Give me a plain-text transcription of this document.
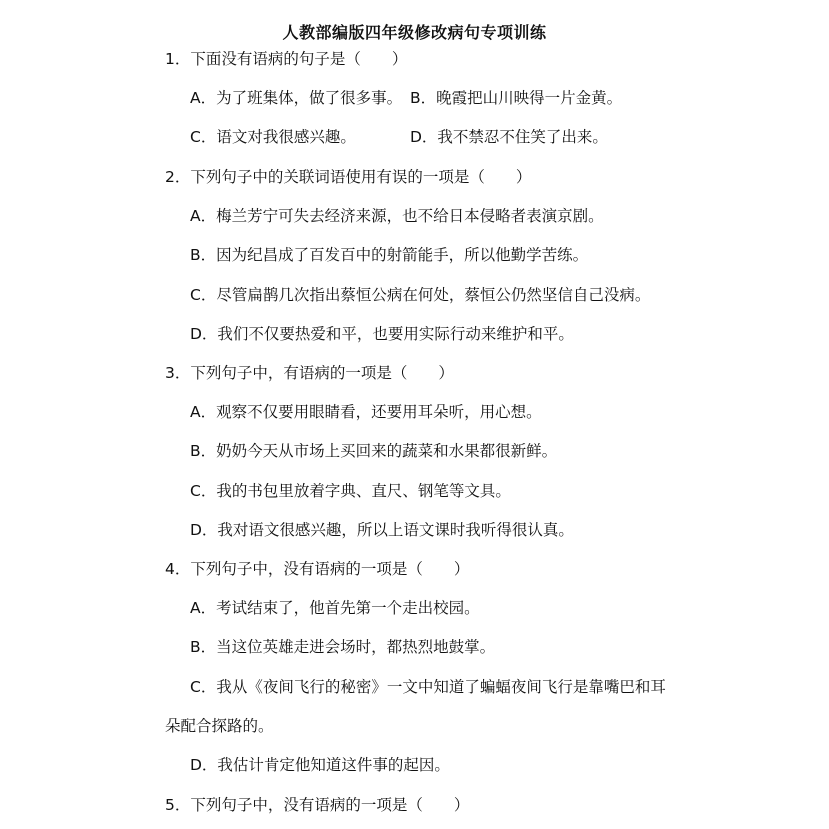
人教部编版四年级修改病句专项训练
1．下面没有语病的句子是（　　）
A．为了班集体，做了很多事。 B．晚霞把山川映得一片金黄。
C．语文对我很感兴趣。	D．我不禁忍不住笑了出来。
2．下列句子中的关联词语使用有误的一项是（　　）
A．梅兰芳宁可失去经济来源，也不给日本侵略者表演京剧。
B．因为纪昌成了百发百中的射箭能手，所以他勤学苦练。
C．尽管扁鹊几次指出蔡恒公病在何处，蔡恒公仍然坚信自己没病。
D．我们不仅要热爱和平，也要用实际行动来维护和平。
3．下列句子中，有语病的一项是（　　）
A．观察不仅要用眼睛看，还要用耳朵听，用心想。
B．奶奶今天从市场上买回来的蔬菜和水果都很新鲜。
C．我的书包里放着字典、直尺、钢笔等文具。
D．我对语文很感兴趣，所以上语文课时我听得很认真。
4．下列句子中，没有语病的一项是（　　）
A．考试结束了，他首先第一个走出校园。
B．当这位英雄走进会场时，都热烈地鼓掌。
C．我从《夜间飞行的秘密》一文中知道了蝙蝠夜间飞行是靠嘴巴和耳
朵配合探路的。
D．我估计肯定他知道这件事的起因。
5．下列句子中，没有语病的一项是（　　）
